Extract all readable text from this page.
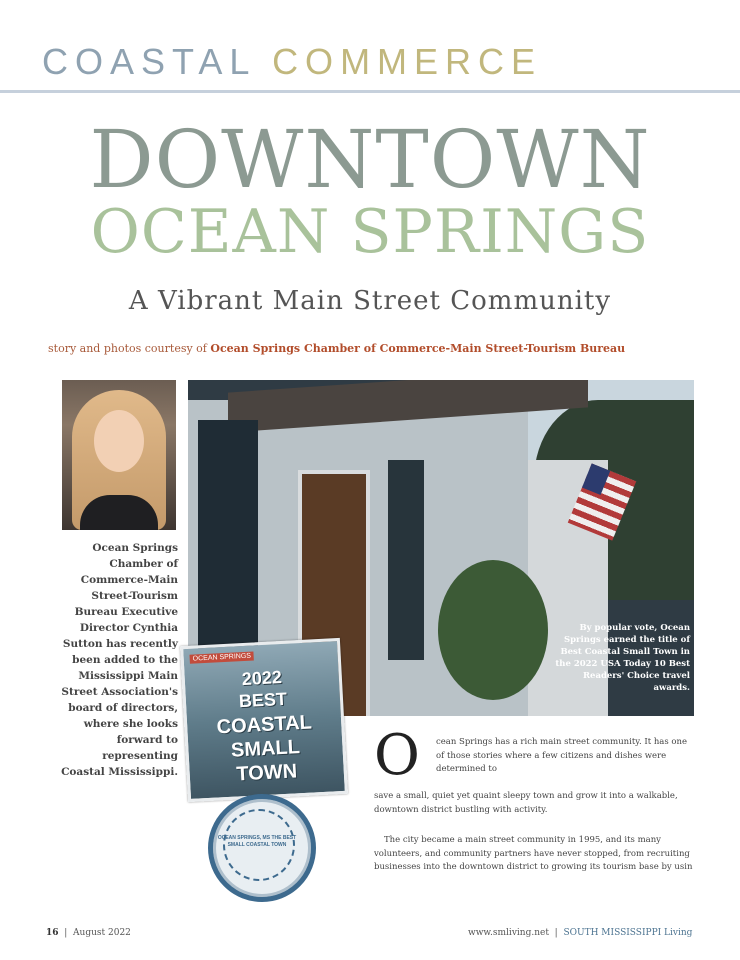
COASTAL COMMERCE
DOWNTOWN
OCEAN SPRINGS
A Vibrant Main Street Community
story and photos courtesy of Ocean Springs Chamber of Commerce-Main Street-Tourism Bureau
Ocean Springs Chamber of Commerce-Main Street-Tourism Bureau Executive Director Cynthia Sutton has recently been added to the Mississippi Main Street Association's board of directors, where she looks forward to representing Coastal Mississippi.
By popular vote, Ocean Springs earned the title of Best Coastal Small Town in the 2022 USA Today 10 Best Readers' Choice travel awards.
OCEAN SPRINGS
2022
BEST
COASTAL
SMALL
TOWN
OCEAN SPRINGS, MS THE BEST SMALL COASTAL TOWN
O cean Springs has a rich main street community. It has one of those stories where a few citizens and dishes were determined to
save a small, quiet yet quaint sleepy town and grow it into a walkable, downtown district bustling with activity.
The city became a main street community in 1995, and its many volunteers, and community partners have never stopped, from recruiting businesses into the downtown district to growing its tourism base by usin
16 | August 2022	www.smliving.net | SOUTH MISSISSIPPI Living
